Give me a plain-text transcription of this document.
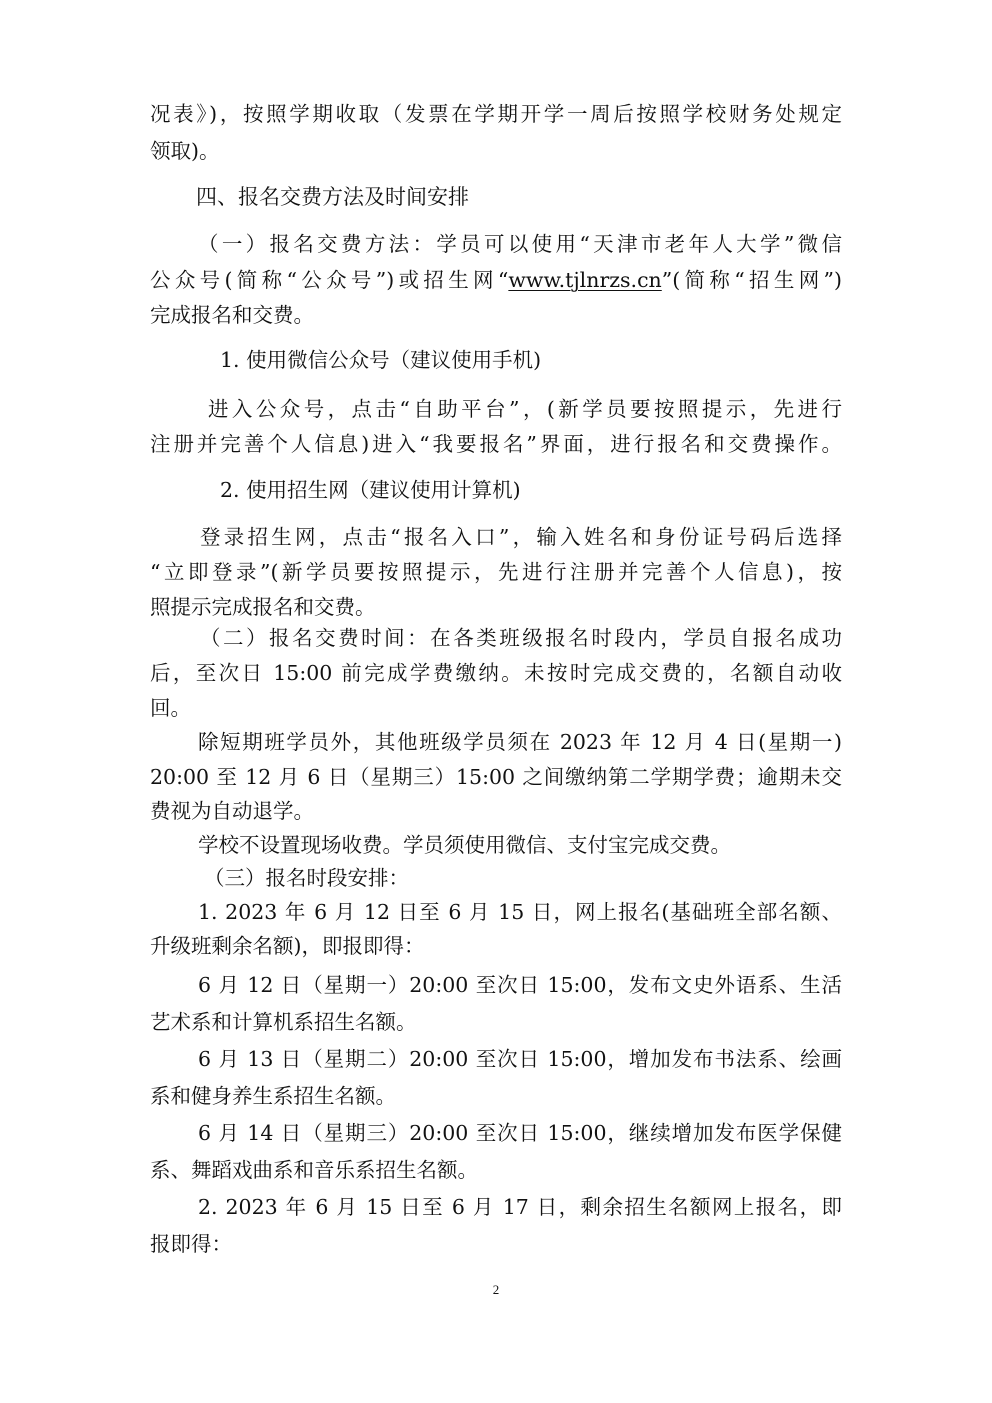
况表》)，按照学期收取（发票在学期开学一周后按照学校财务处规定
领取)。
四、报名交费方法及时间安排
（一）报名交费方法：学员可以使用“天津市老年人大学”微信
公众号(简称“公众号”)或招生网“www.tjlnrzs.cn”(简称“招生网”)
完成报名和交费。
1. 使用微信公众号（建议使用手机)
进入公众号，点击“自助平台”，(新学员要按照提示，先进行
注册并完善个人信息)进入“我要报名”界面，进行报名和交费操作。
2. 使用招生网（建议使用计算机)
登录招生网，点击“报名入口”，输入姓名和身份证号码后选择
“立即登录”(新学员要按照提示，先进行注册并完善个人信息)，按
照提示完成报名和交费。
（二）报名交费时间：在各类班级报名时段内，学员自报名成功
后，至次日 15:00 前完成学费缴纳。未按时完成交费的，名额自动收
回。
除短期班学员外，其他班级学员须在 2023 年 12 月 4 日(星期一)
20:00 至 12 月 6 日（星期三）15:00 之间缴纳第二学期学费；逾期未交
费视为自动退学。
学校不设置现场收费。学员须使用微信、支付宝完成交费。
（三）报名时段安排：
1. 2023 年 6 月 12 日至 6 月 15 日，网上报名(基础班全部名额、
升级班剩余名额)，即报即得：
6 月 12 日（星期一）20:00 至次日 15:00，发布文史外语系、生活
艺术系和计算机系招生名额。
6 月 13 日（星期二）20:00 至次日 15:00，增加发布书法系、绘画
系和健身养生系招生名额。
6 月 14 日（星期三）20:00 至次日 15:00，继续增加发布医学保健
系、舞蹈戏曲系和音乐系招生名额。
2. 2023 年 6 月 15 日至 6 月 17 日，剩余招生名额网上报名，即
报即得：
2
